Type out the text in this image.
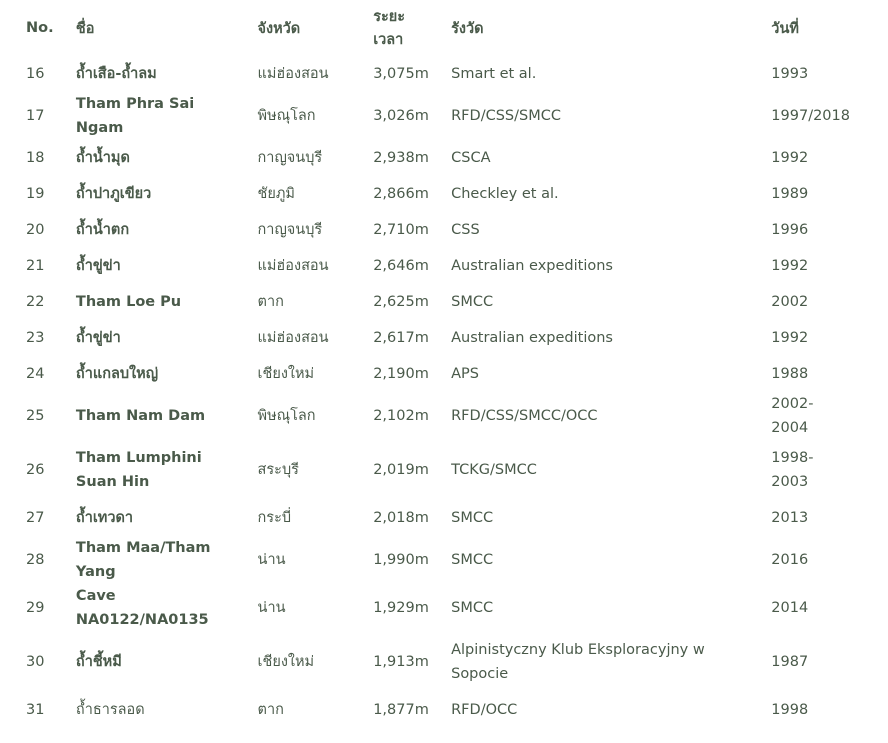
No.	ชื่อ	จังหวัด	ระยะเวลา	รังวัด	วันที่
16	ถ้ำเสือ-ถ้ำลม	แม่ฮ่องสอน	3,075m	Smart et al.	1993
17	Tham Phra Sai Ngam	พิษณุโลก	3,026m	RFD/CSS/SMCC	1997/2018
18	ถ้ำน้ำมุด	กาญจนบุรี	2,938m	CSCA	1992
19	ถ้ำปาภูเขียว	ชัยภูมิ	2,866m	Checkley et al.	1989
20	ถ้ำน้ำตก	กาญจนบุรี	2,710m	CSS	1996
21	ถ้ำขู่ข่า	แม่ฮ่องสอน	2,646m	Australian expeditions	1992
22	Tham Loe Pu	ตาก	2,625m	SMCC	2002
23	ถ้ำขู่ข่า	แม่ฮ่องสอน	2,617m	Australian expeditions	1992
24	ถ้ำแกลบใหญ่	เชียงใหม่	2,190m	APS	1988
25	Tham Nam Dam	พิษณุโลก	2,102m	RFD/CSS/SMCC/OCC	2002-2004
26	Tham Lumphini Suan Hin	สระบุรี	2,019m	TCKG/SMCC	1998-2003
27	ถ้ำเทวดา	กระบี่	2,018m	SMCC	2013
28	Tham Maa/Tham Yang	น่าน	1,990m	SMCC	2016
29	Cave NA0122/NA0135	น่าน	1,929m	SMCC	2014
30	ถ้ำชี้หมี	เชียงใหม่	1,913m	Alpinistyczny Klub Eksploracyjny w Sopocie	1987
31	ถ้ำธารลอด	ตาก	1,877m	RFD/OCC	1998
